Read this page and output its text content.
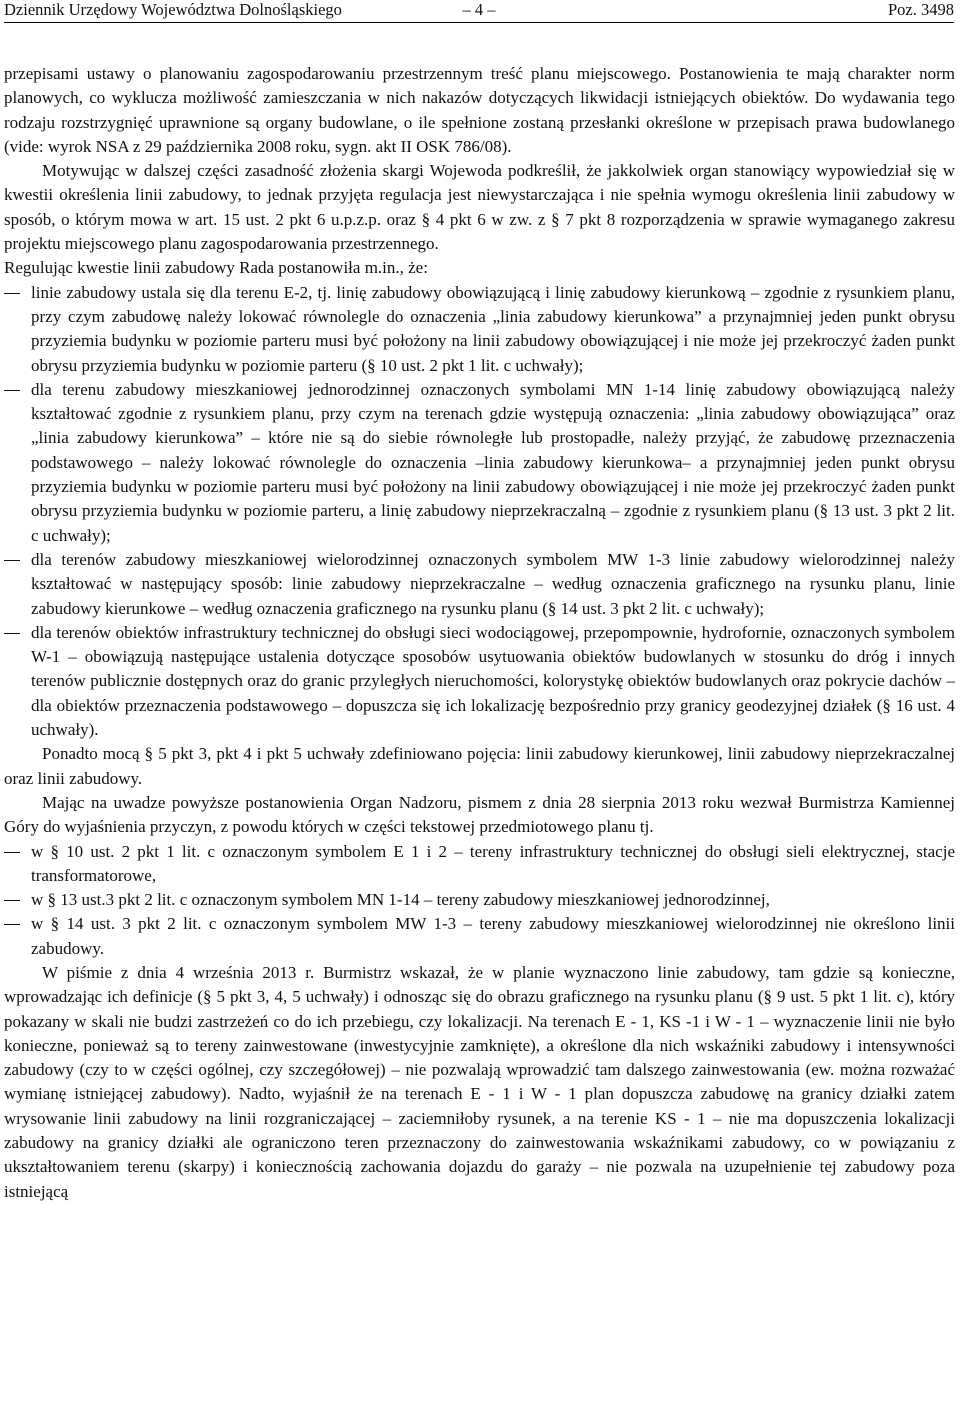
Dziennik Urzędowy Województwa Dolnośląskiego	– 4 –	Poz. 3498

przepisami ustawy o planowaniu zagospodarowaniu przestrzennym treść planu miejscowego. Postanowienia te mają charakter norm planowych, co wyklucza możliwość zamieszczania w nich nakazów dotyczących likwidacji istniejących obiektów. Do wydawania tego rodzaju rozstrzygnięć uprawnione są organy budowlane, o ile spełnione zostaną przesłanki określone w przepisach prawa budowlanego (vide: wyrok NSA z 29 października 2008 roku, sygn. akt II OSK 786/08).

Motywując w dalszej części zasadność złożenia skargi Wojewoda podkreślił, że jakkolwiek organ stanowiący wypowiedział się w kwestii określenia linii zabudowy, to jednak przyjęta regulacja jest niewystarczająca i nie spełnia wymogu określenia linii zabudowy w sposób, o którym mowa w art. 15 ust. 2 pkt 6 u.p.z.p. oraz § 4 pkt 6 w zw. z § 7 pkt 8 rozporządzenia w sprawie wymaganego zakresu projektu miejscowego planu zagospodarowania przestrzennego.

Regulując kwestie linii zabudowy Rada postanowiła m.in., że:

linie zabudowy ustala się dla terenu E-2, tj. linię zabudowy obowiązującą i linię zabudowy kierunkową – zgodnie z rysunkiem planu, przy czym zabudowę należy lokować równolegle do oznaczenia „linia zabudowy kierunkowa” a przynajmniej jeden punkt obrysu przyziemia budynku w poziomie parteru musi być położony na linii zabudowy obowiązującej i nie może jej przekroczyć żaden punkt obrysu przyziemia budynku w poziomie parteru (§ 10 ust. 2 pkt 1 lit. c uchwały);
dla terenu zabudowy mieszkaniowej jednorodzinnej oznaczonych symbolami MN 1-14 linię zabudowy obowiązującą należy kształtować zgodnie z rysunkiem planu, przy czym na terenach gdzie występują oznaczenia: „linia zabudowy obowiązująca” oraz „linia zabudowy kierunkowa” – które nie są do siebie równoległe lub prostopadłe, należy przyjąć, że zabudowę przeznaczenia podstawowego – należy lokować równolegle do oznaczenia –linia zabudowy kierunkowa– a przynajmniej jeden punkt obrysu przyziemia budynku w poziomie parteru musi być położony na linii zabudowy obowiązującej i nie może jej przekroczyć żaden punkt obrysu przyziemia budynku w poziomie parteru, a linię zabudowy nieprzekraczalną – zgodnie z rysunkiem planu (§ 13 ust. 3 pkt 2 lit. c uchwały);
dla terenów zabudowy mieszkaniowej wielorodzinnej oznaczonych symbolem MW 1-3 linie zabudowy wielorodzinnej należy kształtować w następujący sposób: linie zabudowy nieprzekraczalne – według oznaczenia graficznego na rysunku planu, linie zabudowy kierunkowe – według oznaczenia graficznego na rysunku planu (§ 14 ust. 3 pkt 2 lit. c uchwały);
dla terenów obiektów infrastruktury technicznej do obsługi sieci wodociągowej, przepompownie, hydrofornie, oznaczonych symbolem W-1 – obowiązują następujące ustalenia dotyczące sposobów usytuowania obiektów budowlanych w stosunku do dróg i innych terenów publicznie dostępnych oraz do granic przyległych nieruchomości, kolorystykę obiektów budowlanych oraz pokrycie dachów – dla obiektów przeznaczenia podstawowego – dopuszcza się ich lokalizację bezpośrednio przy granicy geodezyjnej działek (§ 16 ust. 4 uchwały).

Ponadto mocą § 5 pkt 3, pkt 4 i pkt 5 uchwały zdefiniowano pojęcia: linii zabudowy kierunkowej, linii zabudowy nieprzekraczalnej oraz linii zabudowy.

Mając na uwadze powyższe postanowienia Organ Nadzoru, pismem z dnia 28 sierpnia 2013 roku wezwał Burmistrza Kamiennej Góry do wyjaśnienia przyczyn, z powodu których w części tekstowej przedmiotowego planu tj.

w § 10 ust. 2 pkt 1 lit. c oznaczonym symbolem E 1 i 2 – tereny infrastruktury technicznej do obsługi sieli elektrycznej, stacje transformatorowe,
w § 13 ust.3 pkt 2 lit. c oznaczonym symbolem MN 1-14 – tereny zabudowy mieszkaniowej jednorodzinnej,
w § 14 ust. 3 pkt 2 lit. c oznaczonym symbolem MW 1-3 – tereny zabudowy mieszkaniowej wielorodzinnej nie określono linii zabudowy.

W piśmie z dnia 4 września 2013 r. Burmistrz wskazał, że w planie wyznaczono linie zabudowy, tam gdzie są konieczne, wprowadzając ich definicje (§ 5 pkt 3, 4, 5 uchwały) i odnosząc się do obrazu graficznego na rysunku planu (§ 9 ust. 5 pkt 1 lit. c), który pokazany w skali nie budzi zastrzeżeń co do ich przebiegu, czy lokalizacji. Na terenach E - 1, KS -1 i W - 1 – wyznaczenie linii nie było konieczne, ponieważ są to tereny zainwestowane (inwestycyjnie zamknięte), a określone dla nich wskaźniki zabudowy i intensywności zabudowy (czy to w części ogólnej, czy szczegółowej) – nie pozwalają wprowadzić tam dalszego zainwestowania (ew. można rozważać wymianę istniejącej zabudowy). Nadto, wyjaśnił że na terenach E - 1 i W - 1 plan dopuszcza zabudowę na granicy działki zatem wrysowanie linii zabudowy na linii rozgraniczającej – zaciemniłoby rysunek, a na terenie KS - 1 – nie ma dopuszczenia lokalizacji zabudowy na granicy działki ale ograniczono teren przeznaczony do zainwestowania wskaźnikami zabudowy, co w powiązaniu z ukształtowaniem terenu (skarpy) i koniecznością zachowania dojazdu do garaży – nie pozwala na uzupełnienie tej zabudowy poza istniejącą
